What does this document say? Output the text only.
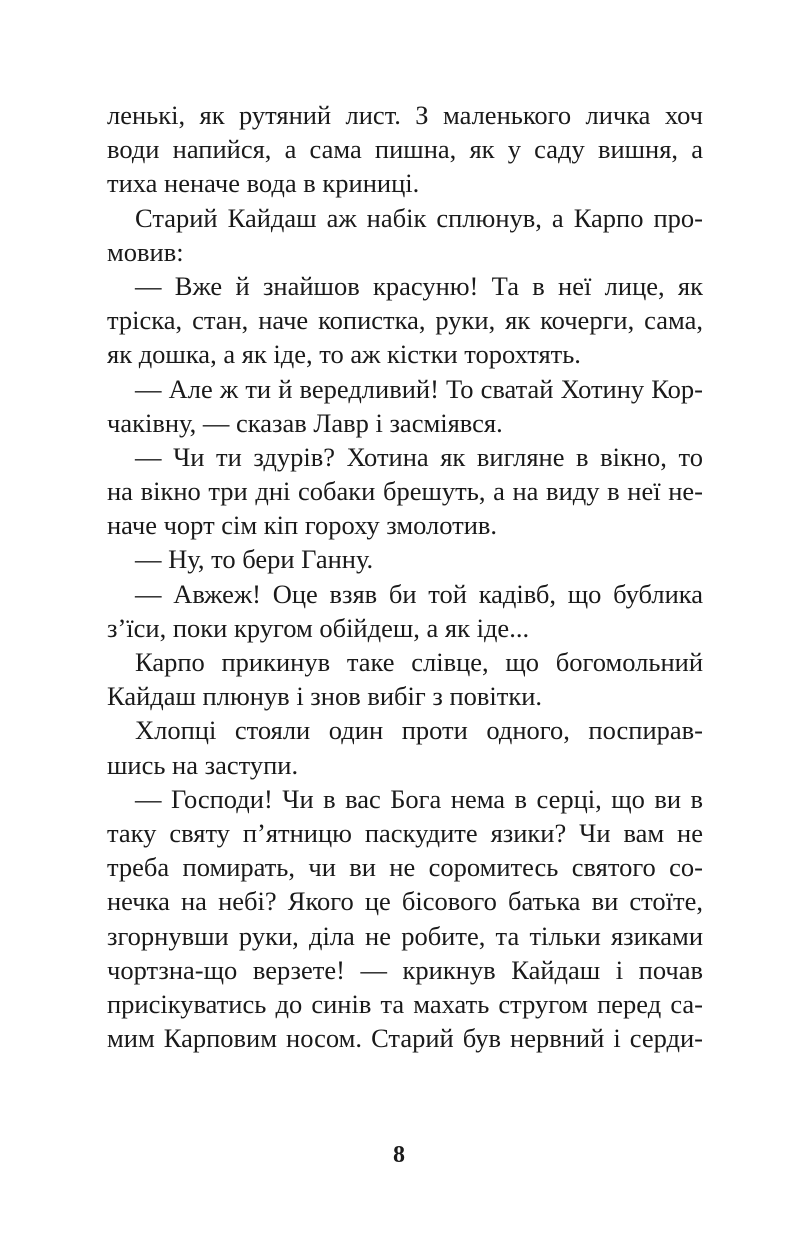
ленькі, як рутяний лист. З маленького личка хоч
води напийся, а сама пишна, як у саду вишня, а
тиха неначе вода в криниці.
Старий Кайдаш аж набік сплюнув, а Карпо про-
мовив:
— Вже й знайшов красуню! Та в неї лице, як
тріска, стан, наче копистка, руки, як кочерги, сама,
як дошка, а як іде, то аж кістки торохтять.
— Але ж ти й вередливий! То сватай Хотину Кор-
чаківну, — сказав Лавр і засміявся.
— Чи ти здурів? Хотина як вигляне в вікно, то
на вікно три дні собаки брешуть, а на виду в неї не-
наче чорт сім кіп гороху змолотив.
— Ну, то бери Ганну.
— Авжеж! Оце взяв би той кадівб, що бублика
з’їси, поки кругом обійдеш, а як іде...
Карпо прикинув таке слівце, що богомольний
Кайдаш плюнув і знов вибіг з повітки.
Хлопці стояли один проти одного, поспирав-
шись на заступи.
— Господи! Чи в вас Бога нема в серці, що ви в
таку святу п’ятницю паскудите язики? Чи вам не
треба помирать, чи ви не соромитесь святого со-
нечка на небі? Якого це бісового батька ви стоїте,
згорнувши руки, діла не робите, та тільки язиками
чортзна-що верзете! — крикнув Кайдаш і почав
присікуватись до синів та махать стругом перед са-
мим Карповим носом. Старий був нервний і серди-
8
